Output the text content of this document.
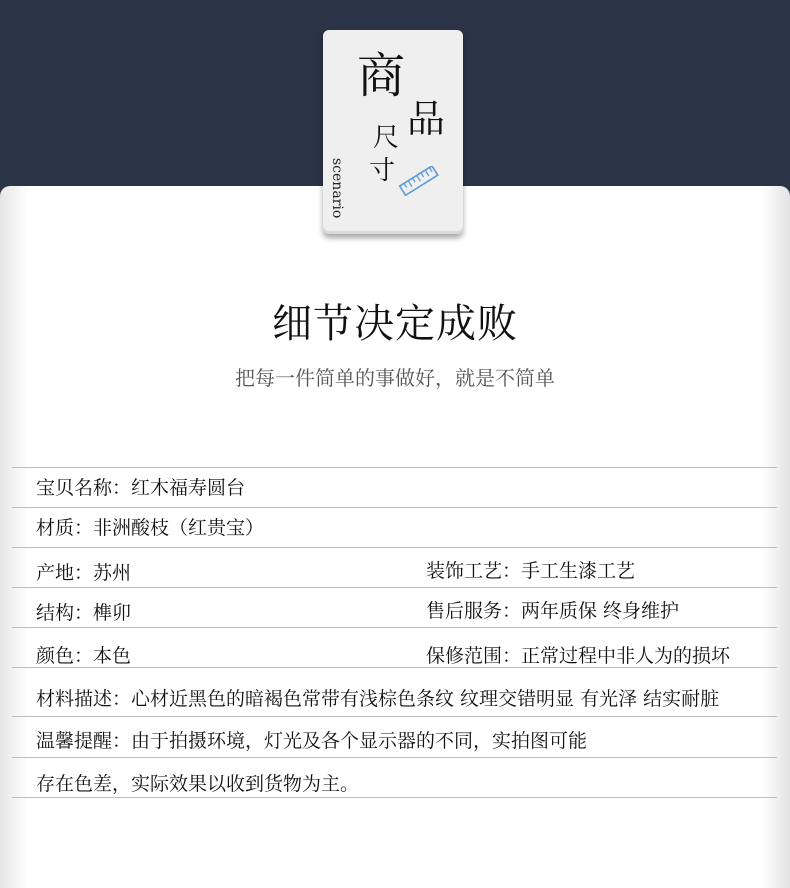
商
品
尺
寸
scenario
细节决定成败
把每一件简单的事做好，就是不简单
宝贝名称：红木福寿圆台
材质：非洲酸枝（红贵宝）
产地：苏州	装饰工艺：手工生漆工艺
结构：榫卯	售后服务：两年质保 终身维护
颜色：本色	保修范围：正常过程中非人为的损坏
材料描述：心材近黑色的暗褐色常带有浅棕色条纹 纹理交错明显 有光泽 结实耐脏
温馨提醒：由于拍摄环境，灯光及各个显示器的不同，实拍图可能
存在色差，实际效果以收到货物为主。
